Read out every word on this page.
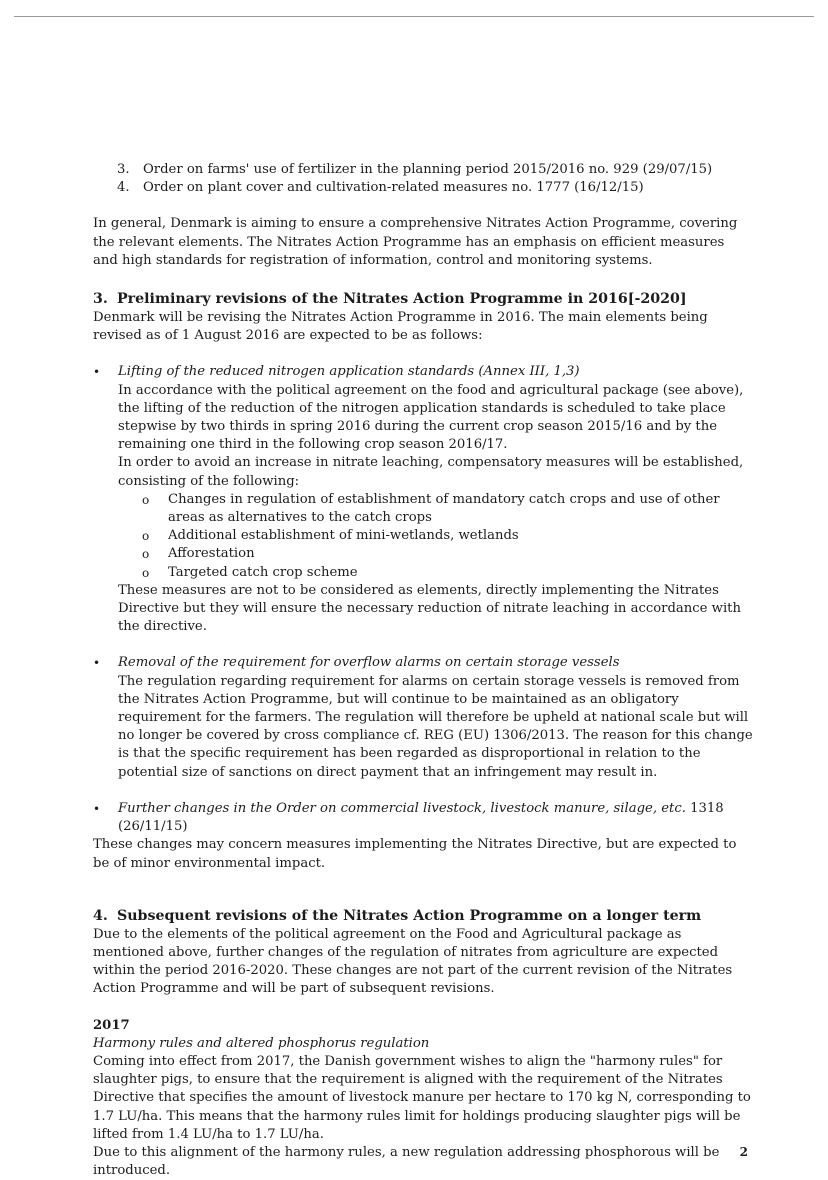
3.	Order on farms' use of fertilizer in the planning period 2015/2016 no. 929 (29/07/15)
4.	Order on plant cover and cultivation-related measures no. 1777 (16/12/15)

In general, Denmark is aiming to ensure a comprehensive Nitrates Action Programme, covering the relevant elements. The Nitrates Action Programme has an emphasis on efficient measures and high standards for registration of information, control and monitoring systems.

3. Preliminary revisions of the Nitrates Action Programme in 2016[-2020]

Denmark will be revising the Nitrates Action Programme in 2016. The main elements being revised as of 1 August 2016 are expected to be as follows:

•	Lifting of the reduced nitrogen application standards (Annex III, 1,3)

In accordance with the political agreement on the food and agricultural package (see above), the lifting of the reduction of the nitrogen application standards is scheduled to take place stepwise by two thirds in spring 2016 during the current crop season 2015/16 and by the remaining one third in the following crop season 2016/17.

In order to avoid an increase in nitrate leaching, compensatory measures will be established, consisting of the following:

o	Changes in regulation of establishment of mandatory catch crops and use of other areas as alternatives to the catch crops
o	Additional establishment of mini-wetlands, wetlands
o	Afforestation
o	Targeted catch crop scheme

These measures are not to be considered as elements, directly implementing the Nitrates Directive but they will ensure the necessary reduction of nitrate leaching in accordance with the directive.

•	Removal of the requirement for overflow alarms on certain storage vessels

The regulation regarding requirement for alarms on certain storage vessels is removed from the Nitrates Action Programme, but will continue to be maintained as an obligatory requirement for the farmers. The regulation will therefore be upheld at national scale but will no longer be covered by cross compliance cf. REG (EU) 1306/2013. The reason for this change is that the specific requirement has been regarded as disproportional in relation to the potential size of sanctions on direct payment that an infringement may result in.

•	Further changes in the Order on commercial livestock, livestock manure, silage, etc. 1318 (26/11/15)

These changes may concern measures implementing the Nitrates Directive, but are expected to be of minor environmental impact.

4. Subsequent revisions of the Nitrates Action Programme on a longer term

Due to the elements of the political agreement on the Food and Agricultural package as mentioned above, further changes of the regulation of nitrates from agriculture are expected within the period 2016-2020. These changes are not part of the current revision of the Nitrates Action Programme and will be part of subsequent revisions.

2017

Harmony rules and altered phosphorus regulation

Coming into effect from 2017, the Danish government wishes to align the "harmony rules" for slaughter pigs, to ensure that the requirement is aligned with the requirement of the Nitrates Directive that specifies the amount of livestock manure per hectare to 170 kg N, corresponding to 1.7 LU/ha. This means that the harmony rules limit for holdings producing slaughter pigs will be lifted from 1.4 LU/ha to 1.7 LU/ha.

Due to this alignment of the harmony rules, a new regulation addressing phosphorous will be introduced.

2
